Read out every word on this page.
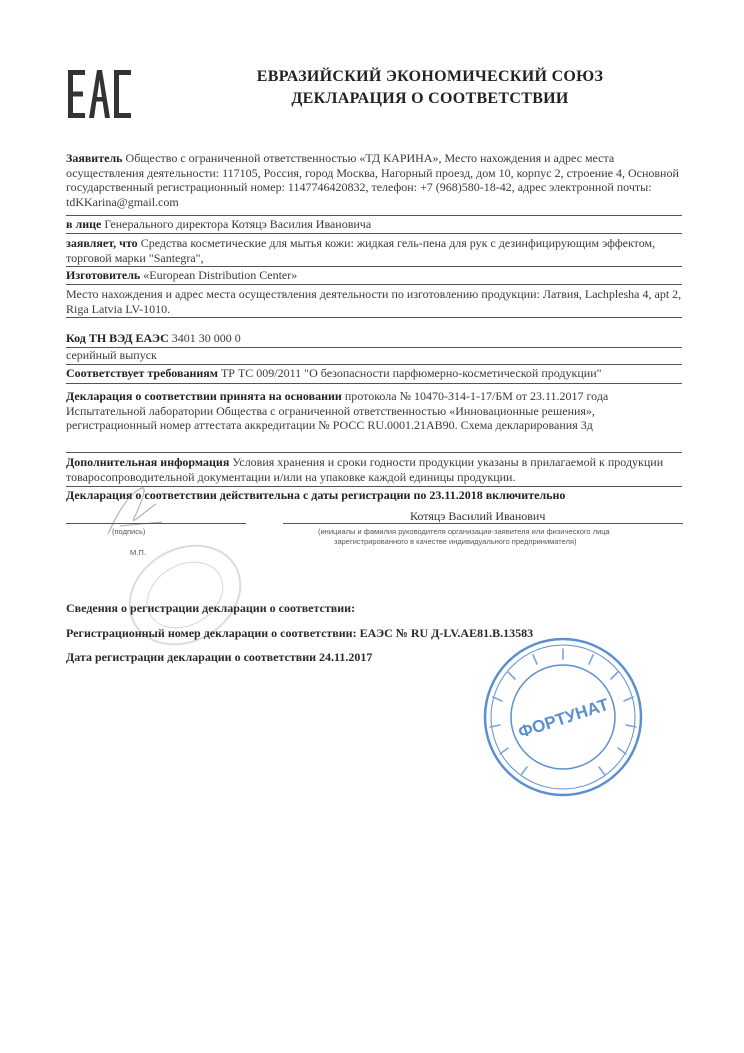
ЕВРАЗИЙСКИЙ ЭКОНОМИЧЕСКИЙ СОЮЗ
ДЕКЛАРАЦИЯ О СООТВЕТСТВИИ
Заявитель Общество с ограниченной ответственностью «ТД КАРИНА», Место нахождения и адрес места осуществления деятельности: 117105, Россия, город Москва, Нагорный проезд, дом 10, корпус 2, строение 4, Основной государственный регистрационный номер: 1147746420832, телефон: +7 (968)580-18-42, адрес электронной почты: tdKKarina@gmail.com
в лице Генерального директора Котяцэ Василия Ивановича
заявляет, что Средства косметические для мытья кожи: жидкая гель-пена для рук с дезинфицирующим эффектом, торговой марки "Santegra",
Изготовитель «European Distribution Center»
Место нахождения и адрес места осуществления деятельности по изготовлению продукции: Латвия, Lachplesha 4, apt 2, Riga Latvia LV-1010.
Код ТН ВЭД ЕАЭС 3401 30 000 0
серийный выпуск
Соответствует требованиям ТР ТС 009/2011 "О безопасности парфюмерно-косметической продукции"
Декларация о соответствии принята на основании протокола № 10470-314-1-17/БМ от 23.11.2017 года Испытательной лаборатории Общества с ограниченной ответственностью «Инновационные решения», регистрационный номер аттестата аккредитации № РОСС RU.0001.21АВ90. Схема декларирования 3д
Дополнительная информация Условия хранения и сроки годности продукции указаны в прилагаемой к продукции товаросопроводительной документации и/или на упаковке каждой единицы продукции.
Декларация о соответствии действительна с даты регистрации по 23.11.2018 включительно
Котяцэ Василий Иванович
(подпись)
М.П.
(инициалы и фамилия руководителя организации-заявителя или физического лица
зарегистрированного в качестве индивидуального предпринимателя)
Сведения о регистрации декларации о соответствии:
Регистрационный номер декларации о соответствии: ЕАЭС № RU Д-LV.АЕ81.В.13583
Дата регистрации декларации о соответствии 24.11.2017
ФОРТУНАТ
